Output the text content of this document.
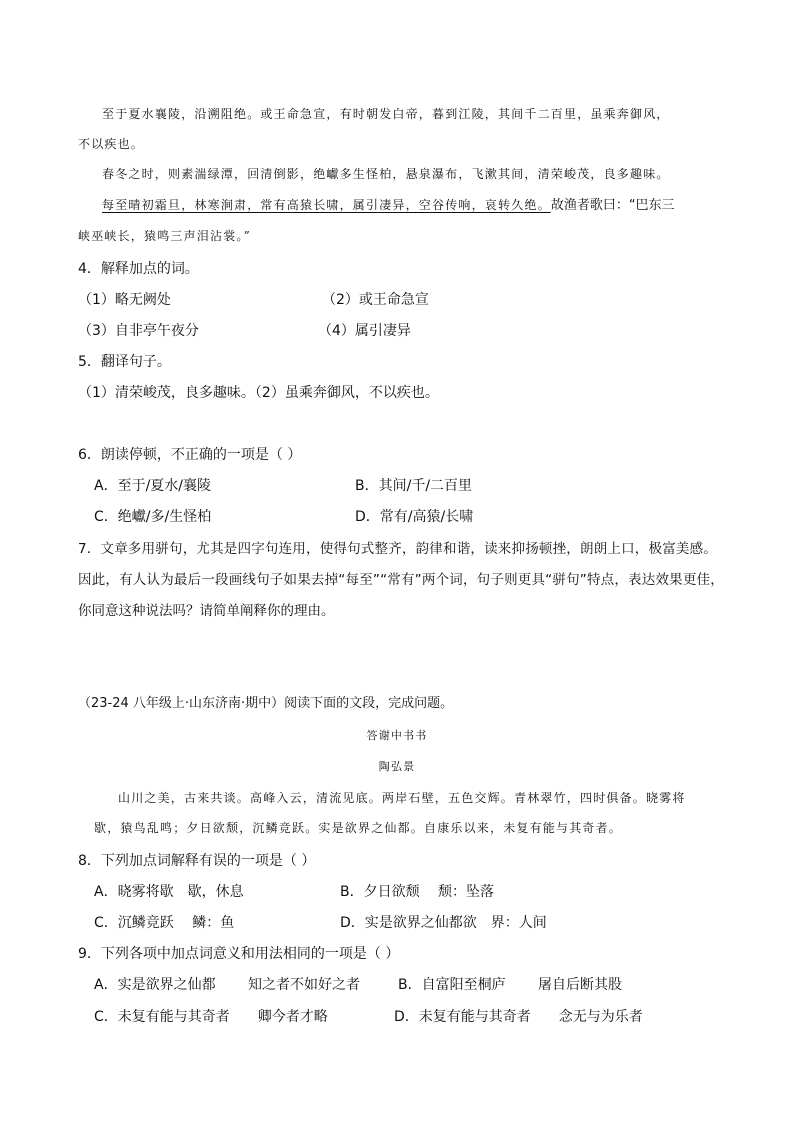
至于夏水襄陵，沿溯阻绝。或王命急宣，有时朝发白帝，暮到江陵，其间千二百里，虽乘奔御风，
不以疾也。
春冬之时，则素湍绿潭，回清倒影，绝巘多生怪柏，悬泉瀑布，飞漱其间，清荣峻茂，良多趣味。
每至晴初霜旦，林寒涧肃，常有高猿长啸，属引凄异，空谷传响，哀转久绝。故渔者歌曰：“巴东三
峡巫峡长，猿鸣三声泪沾裳。”
4．解释加点的词。
（1）略无阙处	（2）或王命急宣
（3）自非亭午夜分	（4）属引凄异
5．翻译句子。
（1）清荣峻茂，良多趣味。（2）虽乘奔御风，不以疾也。
6．朗读停顿，不正确的一项是（ ）
A．至于/夏水/襄陵	B．其间/千/二百里
C．绝巘/多/生怪柏	D．常有/高猿/长啸
7．文章多用骈句，尤其是四字句连用，使得句式整齐，韵律和谐，读来抑扬顿挫，朗朗上口，极富美感。
因此，有人认为最后一段画线句子如果去掉“每至”“常有”两个词，句子则更具“骈句”特点，表达效果更佳，
你同意这种说法吗？请简单阐释你的理由。
（23-24 八年级上·山东济南·期中）阅读下面的文段，完成问题。
答谢中书书
陶弘景
山川之美，古来共谈。高峰入云，清流见底。两岸石壁，五色交辉。青林翠竹，四时俱备。晓雾将
歇，猿鸟乱鸣；夕日欲颓，沉鳞竞跃。实是欲界之仙都。自康乐以来，未复有能与其奇者。
8．下列加点词解释有误的一项是（ ）
A．晓雾将歇　歇，休息	B．夕日欲颓　 颓：坠落
C．沉鳞竞跃　 鳞：鱼	D．实是欲界之仙都欲　界：人间
9．下列各项中加点词意义和用法相同的一项是（ ）
A．实是欲界之仙都　　 知之者不如好之者	B．自富阳至桐庐　　 屠自后断其股
C．未复有能与其奇者　　卿今者才略	D．未复有能与其奇者　　念无与为乐者
